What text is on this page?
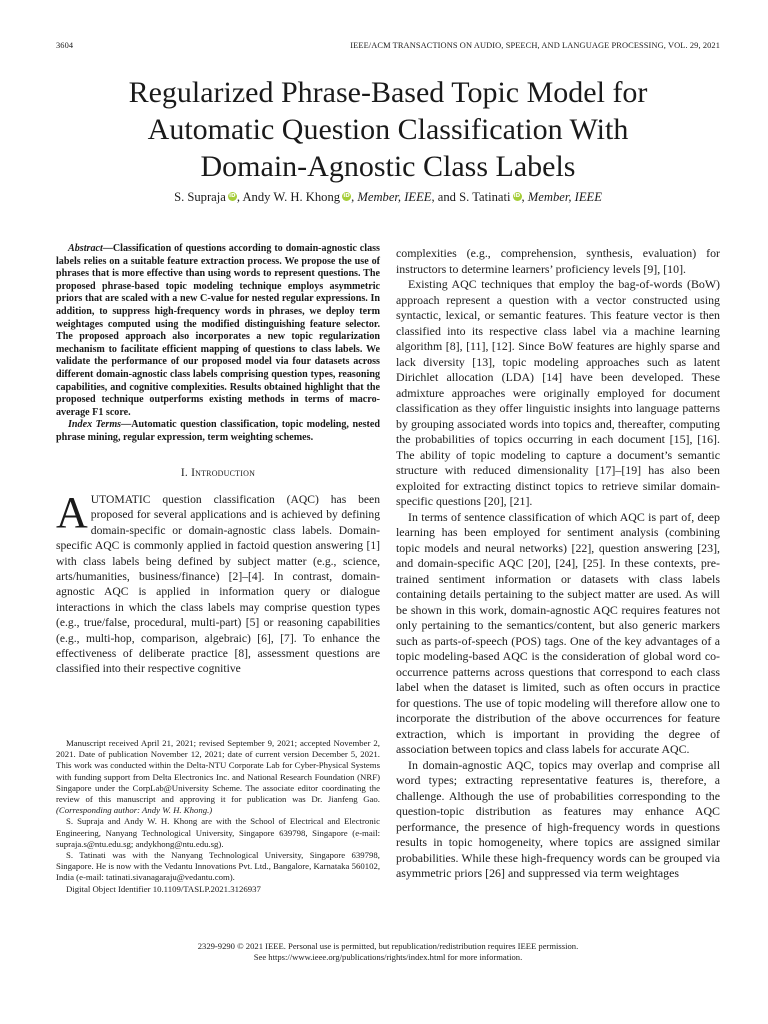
3604	IEEE/ACM TRANSACTIONS ON AUDIO, SPEECH, AND LANGUAGE PROCESSING, VOL. 29, 2021
Regularized Phrase-Based Topic Model for
Automatic Question Classification With
Domain-Agnostic Class Labels
S. Supraja iD, Andy W. H. Khong iD, Member, IEEE, and S. Tatinati iD, Member, IEEE

Abstract—Classification of questions according to domain-agnostic class labels relies on a suitable feature extraction process. We propose the use of phrases that is more effective than using words to represent questions. The proposed phrase-based topic modeling technique employs asymmetric priors that are scaled with a new C-value for nested regular expressions. In addition, to suppress high-frequency words in phrases, we deploy term weightages computed using the modified distinguishing feature selector. The proposed approach also incorporates a new topic regularization mechanism to facilitate efficient mapping of questions to class labels. We validate the performance of our proposed model via four datasets across different domain-agnostic class labels comprising question types, reasoning capabilities, and cognitive complexities. Results obtained highlight that the proposed technique outperforms existing methods in terms of macro-average F1 score.

Index Terms—Automatic question classification, topic modeling, nested phrase mining, regular expression, term weighting schemes.

I. Introduction

AUTOMATIC question classification (AQC) has been proposed for several applications and is achieved by defining domain-specific or domain-agnostic class labels. Domain-specific AQC is commonly applied in factoid question answering [1] with class labels being defined by subject matter (e.g., science, arts/humanities, business/finance) [2]–[4]. In contrast, domain-agnostic AQC is applied in information query or dialogue interactions in which the class labels may comprise question types (e.g., true/false, procedural, multi-part) [5] or reasoning capabilities (e.g., multi-hop, comparison, algebraic) [6], [7]. To enhance the effectiveness of deliberate practice [8], assessment questions are classified into their respective cognitive

Manuscript received April 21, 2021; revised September 9, 2021; accepted November 2, 2021. Date of publication November 12, 2021; date of current version December 5, 2021. This work was conducted within the Delta-NTU Corporate Lab for Cyber-Physical Systems with funding support from Delta Electronics Inc. and National Research Foundation (NRF) Singapore under the CorpLab@University Scheme. The associate editor coordinating the review of this manuscript and approving it for publication was Dr. Jianfeng Gao. (Corresponding author: Andy W. H. Khong.)

S. Supraja and Andy W. H. Khong are with the School of Electrical and Electronic Engineering, Nanyang Technological University, Singapore 639798, Singapore (e-mail: supraja.s@ntu.edu.sg; andykhong@ntu.edu.sg).

S. Tatinati was with the Nanyang Technological University, Singapore 639798, Singapore. He is now with the Vedantu Innovations Pvt. Ltd., Bangalore, Karnataka 560102, India (e-mail: tatinati.sivanagaraju@vedantu.com).

Digital Object Identifier 10.1109/TASLP.2021.3126937

complexities (e.g., comprehension, synthesis, evaluation) for instructors to determine learners’ proficiency levels [9], [10].

Existing AQC techniques that employ the bag-of-words (BoW) approach represent a question with a vector constructed using syntactic, lexical, or semantic features. This feature vector is then classified into its respective class label via a machine learning algorithm [8], [11], [12]. Since BoW features are highly sparse and lack diversity [13], topic modeling approaches such as latent Dirichlet allocation (LDA) [14] have been developed. These admixture approaches were originally employed for document classification as they offer linguistic insights into language patterns by grouping associated words into topics and, thereafter, computing the probabilities of topics occurring in each document [15], [16]. The ability of topic modeling to capture a document’s semantic structure with reduced dimensionality [17]–[19] has also been exploited for extracting distinct topics to retrieve similar domain-specific questions [20], [21].

In terms of sentence classification of which AQC is part of, deep learning has been employed for sentiment analysis (combining topic models and neural networks) [22], question answering [23], and domain-specific AQC [20], [24], [25]. In these contexts, pre-trained sentiment information or datasets with class labels containing details pertaining to the subject matter are used. As will be shown in this work, domain-agnostic AQC requires features not only pertaining to the semantics/content, but also generic markers such as parts-of-speech (POS) tags. One of the key advantages of a topic modeling-based AQC is the consideration of global word co-occurrence patterns across questions that correspond to each class label when the dataset is limited, such as often occurs in practice for questions. The use of topic modeling will therefore allow one to incorporate the distribution of the above occurrences for feature extraction, which is important in providing the degree of association between topics and class labels for accurate AQC.

In domain-agnostic AQC, topics may overlap and comprise all word types; extracting representative features is, therefore, a challenge. Although the use of probabilities corresponding to the question-topic distribution as features may enhance AQC performance, the presence of high-frequency words in questions results in topic homogeneity, where topics are assigned similar probabilities. While these high-frequency words can be grouped via asymmetric priors [26] and suppressed via term weightages

2329-9290 © 2021 IEEE. Personal use is permitted, but republication/redistribution requires IEEE permission.
See https://www.ieee.org/publications/rights/index.html for more information.
